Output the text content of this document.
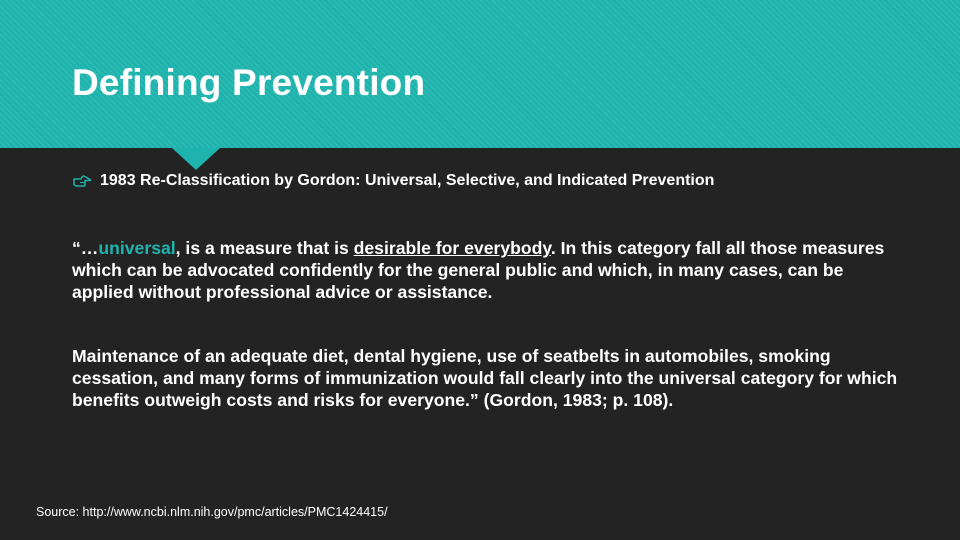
Defining Prevention
1983 Re-Classification by Gordon: Universal, Selective, and Indicated Prevention

“…universal, is a measure that is desirable for everybody. In this category fall all those measures which can be advocated confidently for the general public and which, in many cases, can be applied without professional advice or assistance.

Maintenance of an adequate diet, dental hygiene, use of seatbelts in automobiles, smoking cessation, and many forms of immunization would fall clearly into the universal category for which benefits outweigh costs and risks for everyone.” (Gordon, 1983; p. 108).

Source: http://www.ncbi.nlm.nih.gov/pmc/articles/PMC1424415/
